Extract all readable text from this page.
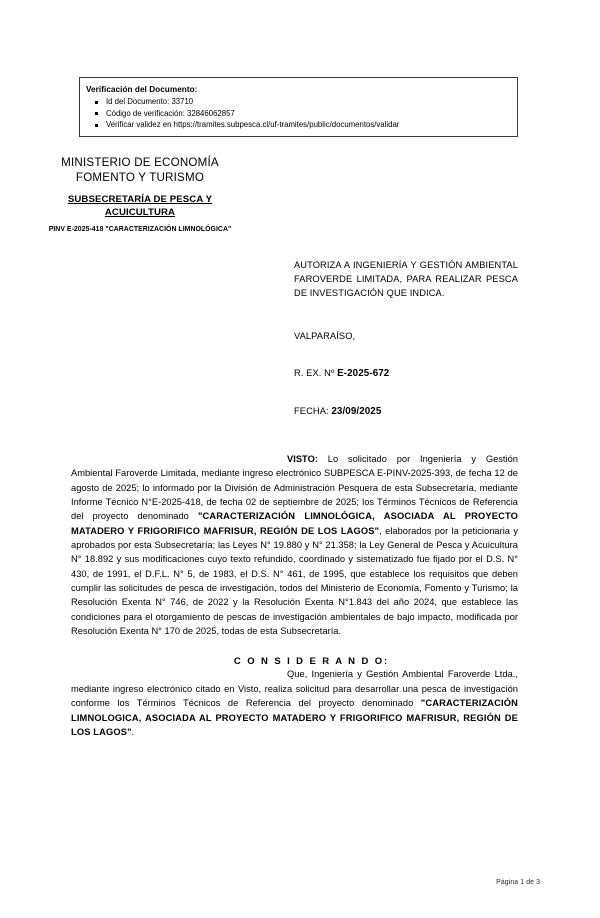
Verificación del Documento:
Id del Documento: 33710
Código de verificación: 32846062857
Verificar validez en https://tramites.subpesca.cl/uf-tramites/public/documentos/validar
MINISTERIO DE ECONOMÍA
FOMENTO Y TURISMO
SUBSECRETARÍA DE PESCA Y
ACUICULTURA
PINV E-2025-418 "CARACTERIZACIÓN LIMNOLÓGICA"
AUTORIZA A INGENIERÍA Y GESTIÓN AMBIENTAL FAROVERDE LIMITADA, PARA REALIZAR PESCA DE INVESTIGACIÓN QUE INDICA.
VALPARAÍSO,
R. EX. Nº E-2025-672
FECHA: 23/09/2025

VISTO: Lo solicitado por Ingeniería y Gestión Ambiental Faroverde Limitada, mediante ingreso electrónico SUBPESCA E-PINV-2025-393, de fecha 12 de agosto de 2025; lo informado por la División de Administración Pesquera de esta Subsecretaría, mediante Informe Técnico N°E-2025-418, de fecha 02 de septiembre de 2025; los Términos Técnicos de Referencia del proyecto denominado "CARACTERIZACIÓN LIMNOLÓGICA, ASOCIADA AL PROYECTO MATADERO Y FRIGORIFICO MAFRISUR, REGIÓN DE LOS LAGOS", elaborados por la peticionaria y aprobados por esta Subsecretaría; las Leyes N° 19.880 y N° 21.358; la Ley General de Pesca y Acuicultura N° 18.892 y sus modificaciones cuyo texto refundido, coordinado y sistematizado fue fijado por el D.S. N° 430, de 1991, el D.F.L. N° 5, de 1983, el D.S. N° 461, de 1995, que establece los requisitos que deben cumplir las solicitudes de pesca de investigación, todos del Ministerio de Economía, Fomento y Turismo; la Resolución Exenta N° 746, de 2022 y la Resolución Exenta N°1.843 del año 2024, que establece las condiciones para el otorgamiento de pescas de investigación ambientales de bajo impacto, modificada por Resolución Exenta N° 170 de 2025, todas de esta Subsecretaría.

C O N S I D E R A N D O:

Que, Ingeniería y Gestión Ambiental Faroverde Ltda., mediante ingreso electrónico citado en Visto, realiza solicitud para desarrollar una pesca de investigación conforme los Términos Técnicos de Referencia del proyecto denominado "CARACTERIZACIÓN LIMNOLOGICA, ASOCIADA AL PROYECTO MATADERO Y FRIGORIFICO MAFRISUR, REGIÓN DE LOS LAGOS".

Página 1 de 3
